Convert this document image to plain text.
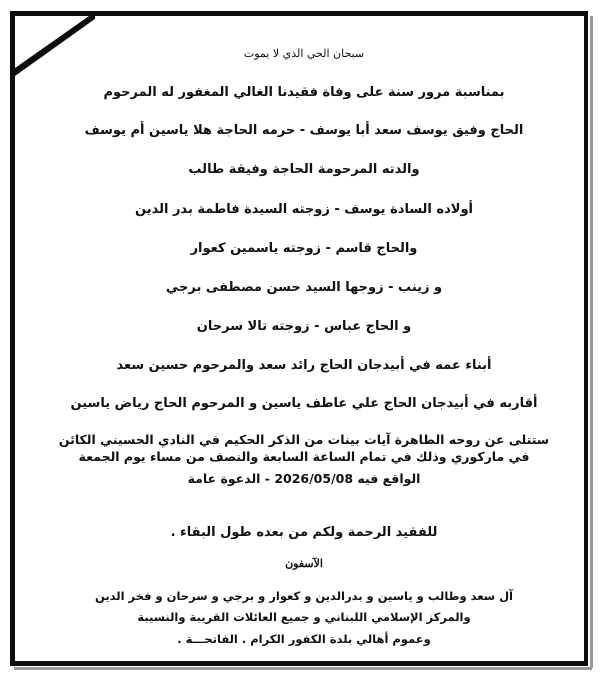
سبحان الحي الذي لا يموت
بمناسبة مرور سنة على وفاة فقيدنا الغالي المغفور له المرحوم
الحاج وفيق يوسف سعد أبا يوسف - حرمه الحاجة هلا ياسين أم يوسف
والدته المرحومة الحاجة وفيقة طالب
أولاده السادة يوسف - زوجته السيدة فاطمة بدر الدين
والحاج قاسم - زوجته ياسمين كعوار
و زينب - زوجها السيد حسن مصطفى برجي
و الحاج عباس - زوجته تالا سرحان
أبناء عمه في أبيدجان الحاج رائد سعد والمرحوم حسين سعد
أقاربه في أبيدجان الحاج علي عاطف ياسين و المرحوم الحاج رياض ياسين
ستتلى عن روحه الطاهرة آيات بينات من الذكر الحكيم في النادي الحسيني الكائن
في ماركوري وذلك في تمام الساعة السابعة والنصف من مساء يوم الجمعة
الواقع فيه 2026/05/08 - الدعوة عامة
للفقيد الرحمة ولكم من بعده طول البقاء .
الآسفون
آل سعد وطالب و ياسين و بدرالدين و كعوار و برجي و سرحان و فخر الدين
والمركز الإسلامي اللبناني و جميع العائلات القريبة والنسيبة
وعموم أهالي بلدة الكفور الكرام . الفاتحـــة .
